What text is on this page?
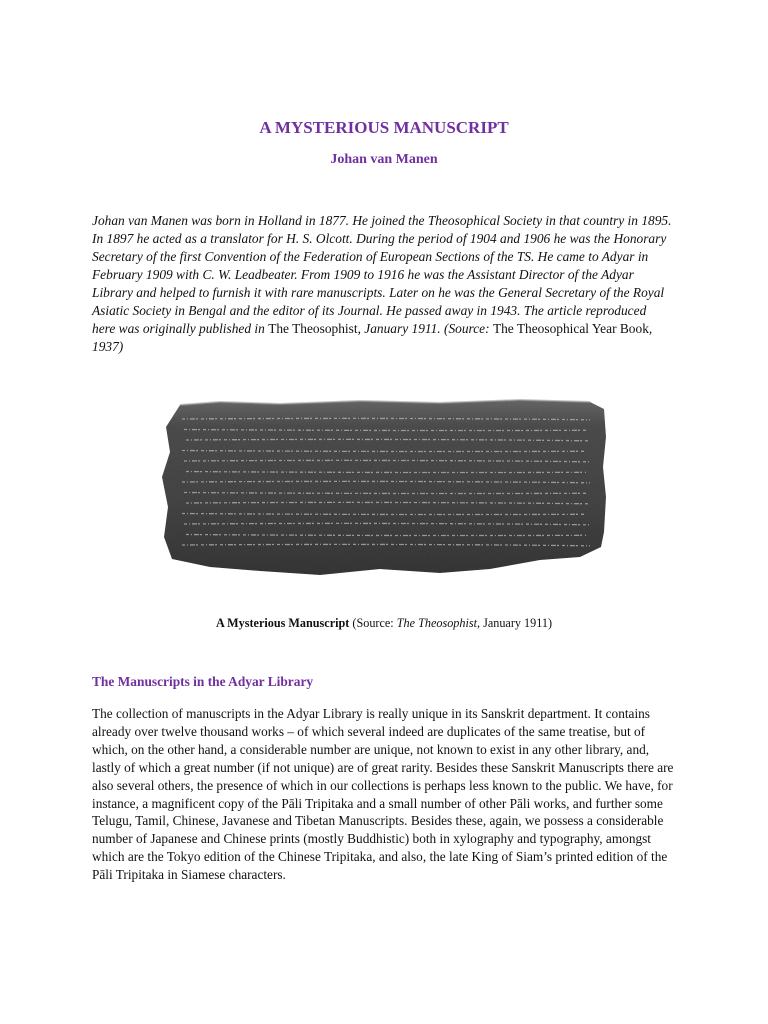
A MYSTERIOUS MANUSCRIPT
Johan van Manen

Johan van Manen was born in Holland in 1877. He joined the Theosophical Society in that country in 1895. In 1897 he acted as a translator for H. S. Olcott. During the period of 1904 and 1906 he was the Honorary Secretary of the first Convention of the Federation of European Sections of the TS. He came to Adyar in February 1909 with C. W. Leadbeater. From 1909 to 1916 he was the Assistant Director of the Adyar Library and helped to furnish it with rare manuscripts. Later on he was the General Secretary of the Royal Asiatic Society in Bengal and the editor of its Journal. He passed away in 1943. The article reproduced here was originally published in The Theosophist, January 1911. (Source: The Theosophical Year Book, 1937)

A Mysterious Manuscript (Source: The Theosophist, January 1911)
The Manuscripts in the Adyar Library

The collection of manuscripts in the Adyar Library is really unique in its Sanskrit department. It contains already over twelve thousand works – of which several indeed are duplicates of the same treatise, but of which, on the other hand, a considerable number are unique, not known to exist in any other library, and, lastly of which a great number (if not unique) are of great rarity. Besides these Sanskrit Manuscripts there are also several others, the presence of which in our collections is perhaps less known to the public. We have, for instance, a magnificent copy of the Pāli Tripitaka and a small number of other Pāli works, and further some Telugu, Tamil, Chinese, Javanese and Tibetan Manuscripts. Besides these, again, we possess a considerable number of Japanese and Chinese prints (mostly Buddhistic) both in xylography and typography, amongst which are the Tokyo edition of the Chinese Tripitaka, and also, the late King of Siam’s printed edition of the Pāli Tripitaka in Siamese characters.
